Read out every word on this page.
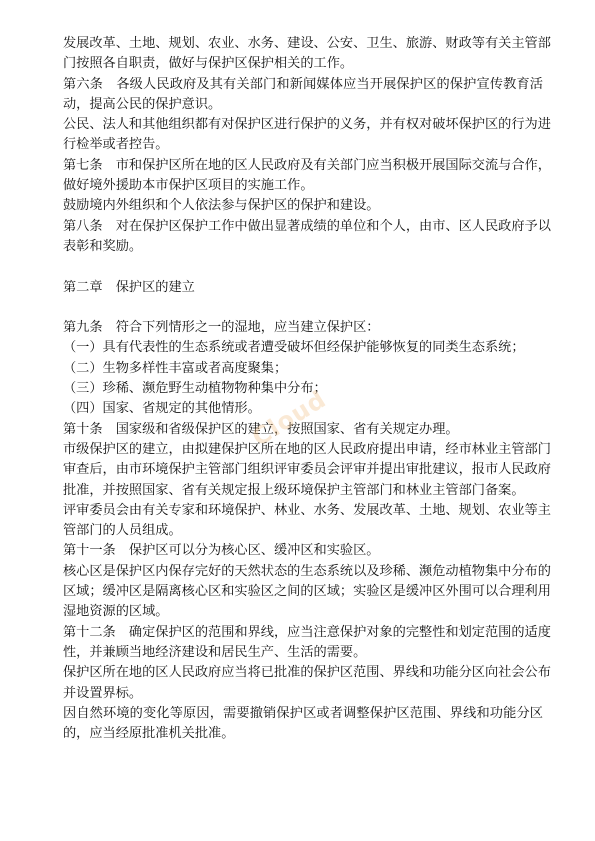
发展改革、土地、规划、农业、水务、建设、公安、卫生、旅游、财政等有关主管部
门按照各自职责，做好与保护区保护相关的工作。
第六条　各级人民政府及其有关部门和新闻媒体应当开展保护区的保护宣传教育活
动，提高公民的保护意识。
公民、法人和其他组织都有对保护区进行保护的义务，并有权对破坏保护区的行为进
行检举或者控告。
第七条　市和保护区所在地的区人民政府及有关部门应当积极开展国际交流与合作，
做好境外援助本市保护区项目的实施工作。
鼓励境内外组织和个人依法参与保护区的保护和建设。
第八条　对在保护区保护工作中做出显著成绩的单位和个人，由市、区人民政府予以
表彰和奖励。
第二章　保护区的建立
第九条　符合下列情形之一的湿地，应当建立保护区：
（一）具有代表性的生态系统或者遭受破坏但经保护能够恢复的同类生态系统；
（二）生物多样性丰富或者高度聚集；
（三）珍稀、濒危野生动植物物种集中分布；
（四）国家、省规定的其他情形。
第十条　国家级和省级保护区的建立，按照国家、省有关规定办理。
市级保护区的建立，由拟建保护区所在地的区人民政府提出申请，经市林业主管部门
审查后，由市环境保护主管部门组织评审委员会评审并提出审批建议，报市人民政府
批准，并按照国家、省有关规定报上级环境保护主管部门和林业主管部门备案。
评审委员会由有关专家和环境保护、林业、水务、发展改革、土地、规划、农业等主
管部门的人员组成。
第十一条　保护区可以分为核心区、缓冲区和实验区。
核心区是保护区内保存完好的天然状态的生态系统以及珍稀、濒危动植物集中分布的
区域；缓冲区是隔离核心区和实验区之间的区域；实验区是缓冲区外围可以合理利用
湿地资源的区域。
第十二条　确定保护区的范围和界线，应当注意保护对象的完整性和划定范围的适度
性，并兼顾当地经济建设和居民生产、生活的需要。
保护区所在地的区人民政府应当将已批准的保护区范围、界线和功能分区向社会公布
并设置界标。
因自然环境的变化等原因，需要撤销保护区或者调整保护区范围、界线和功能分区
的，应当经原批准机关批准。
Cloud
